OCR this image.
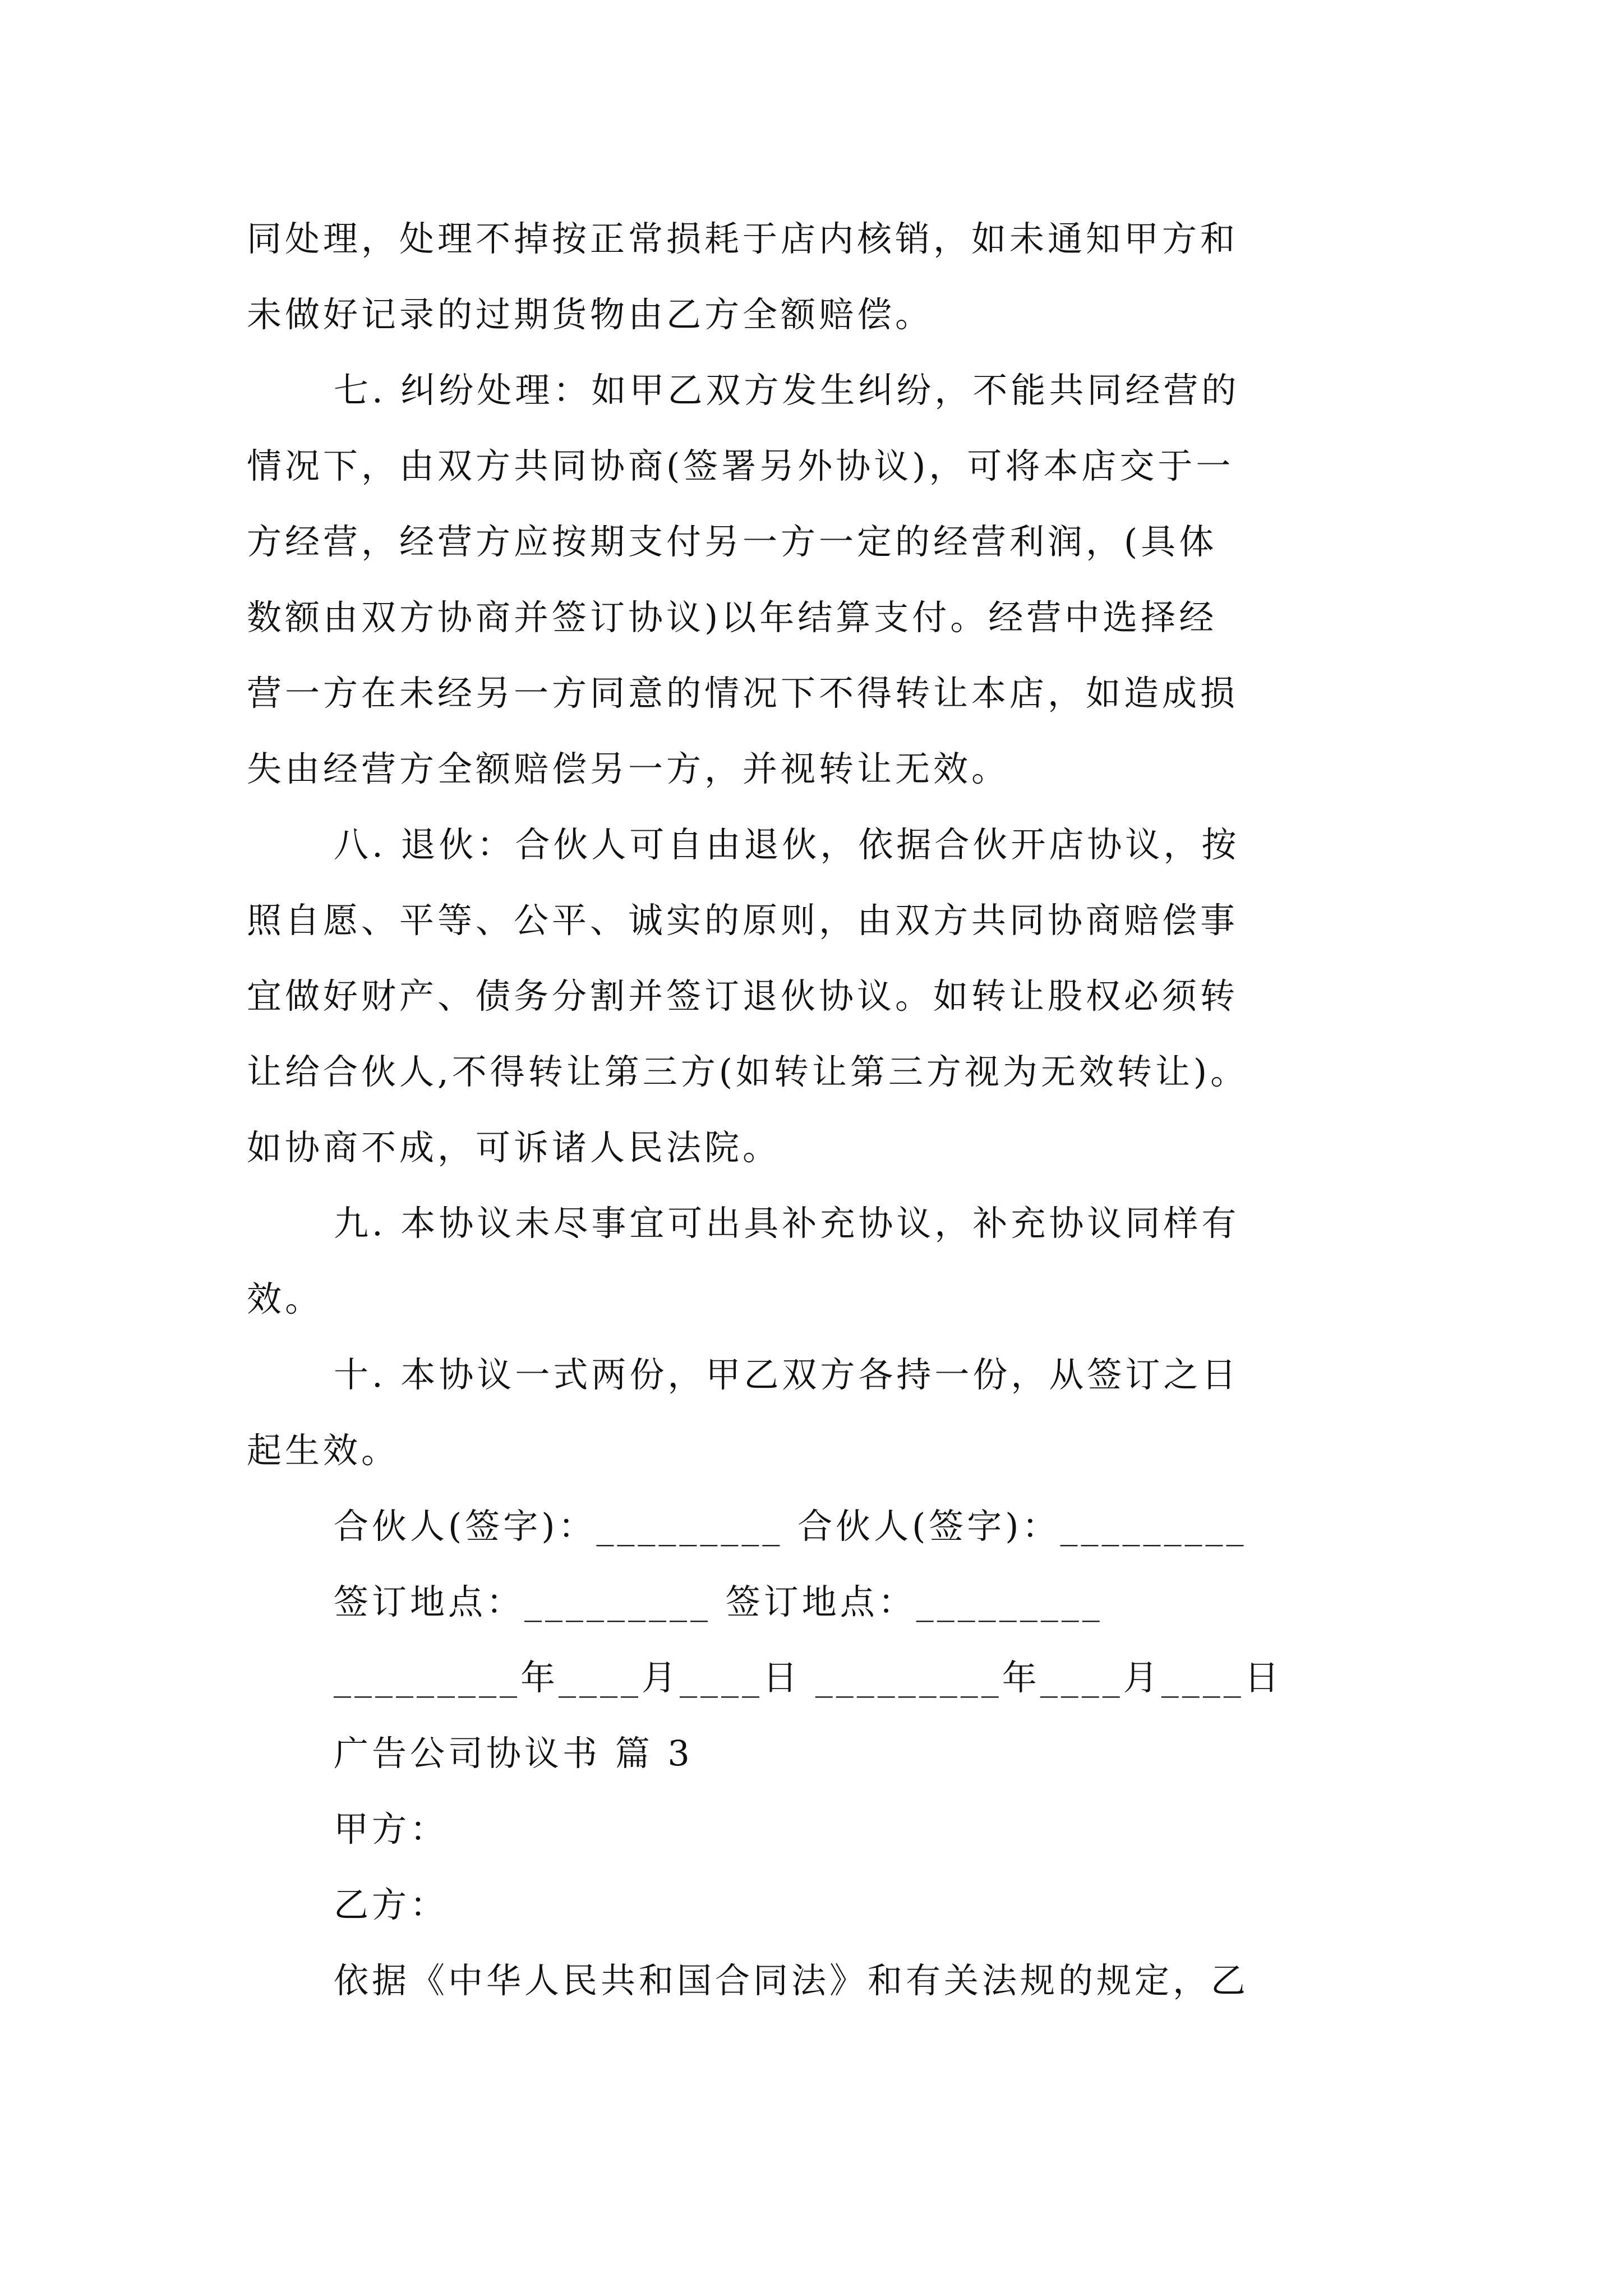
同处理，处理不掉按正常损耗于店内核销，如未通知甲方和
未做好记录的过期货物由乙方全额赔偿。
七. 纠纷处理：如甲乙双方发生纠纷，不能共同经营的
情况下，由双方共同协商(签署另外协议)，可将本店交于一
方经营，经营方应按期支付另一方一定的经营利润，(具体
数额由双方协商并签订协议)以年结算支付。经营中选择经
营一方在未经另一方同意的情况下不得转让本店，如造成损
失由经营方全额赔偿另一方，并视转让无效。
八. 退伙：合伙人可自由退伙，依据合伙开店协议，按
照自愿、平等、公平、诚实的原则，由双方共同协商赔偿事
宜做好财产、债务分割并签订退伙协议。如转让股权必须转
让给合伙人,不得转让第三方(如转让第三方视为无效转让)。
如协商不成，可诉诸人民法院。
九. 本协议未尽事宜可出具补充协议，补充协议同样有
效。
十. 本协议一式两份，甲乙双方各持一份，从签订之日
起生效。
合伙人(签字)：_________ 合伙人(签字)：_________
签订地点：_________ 签订地点：_________
_________年____月____日 _________年____月____日
广告公司协议书 篇 3
甲方：
乙方：
依据《中华人民共和国合同法》和有关法规的规定，乙
